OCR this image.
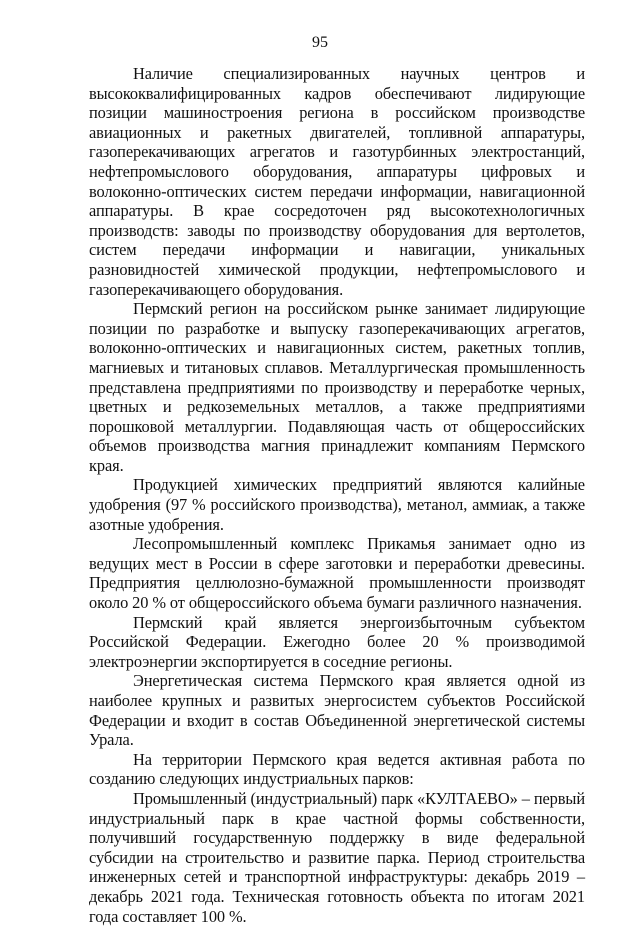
95

Наличие специализированных научных центров и высококвалифицированных кадров обеспечивают лидирующие позиции машиностроения региона в российском производстве авиационных и ракетных двигателей, топливной аппаратуры, газоперекачивающих агрегатов и газотурбинных электростанций, нефтепромыслового оборудования, аппаратуры цифровых и волоконно-оптических систем передачи информации, навигационной аппаратуры. В крае сосредоточен ряд высокотехнологичных производств: заводы по производству оборудования для вертолетов, систем передачи информации и навигации, уникальных разновидностей химической продукции, нефтепромыслового и газоперекачивающего оборудования.

Пермский регион на российском рынке занимает лидирующие позиции по разработке и выпуску газоперекачивающих агрегатов, волоконно-оптических и навигационных систем, ракетных топлив, магниевых и титановых сплавов. Металлургическая промышленность представлена предприятиями по производству и переработке черных, цветных и редкоземельных металлов, а также предприятиями порошковой металлургии. Подавляющая часть от общероссийских объемов производства магния принадлежит компаниям Пермского края.

Продукцией химических предприятий являются калийные удобрения (97 % российского производства), метанол, аммиак, а также азотные удобрения.

Лесопромышленный комплекс Прикамья занимает одно из ведущих мест в России в сфере заготовки и переработки древесины. Предприятия целлюлозно-бумажной промышленности производят около 20 % от общероссийского объема бумаги различного назначения.

Пермский край является энергоизбыточным субъектом Российской Федерации. Ежегодно более 20 % производимой электроэнергии экспортируется в соседние регионы.

Энергетическая система Пермского края является одной из наиболее крупных и развитых энергосистем субъектов Российской Федерации и входит в состав Объединенной энергетической системы Урала.

На территории Пермского края ведется активная работа по созданию следующих индустриальных парков:

Промышленный (индустриальный) парк «КУЛТАЕВО» – первый индустриальный парк в крае частной формы собственности, получивший государственную поддержку в виде федеральной субсидии на строительство и развитие парка. Период строительства инженерных сетей и транспортной инфраструктуры: декабрь 2019 – декабрь 2021 года. Техническая готовность объекта по итогам 2021 года составляет 100 %.
